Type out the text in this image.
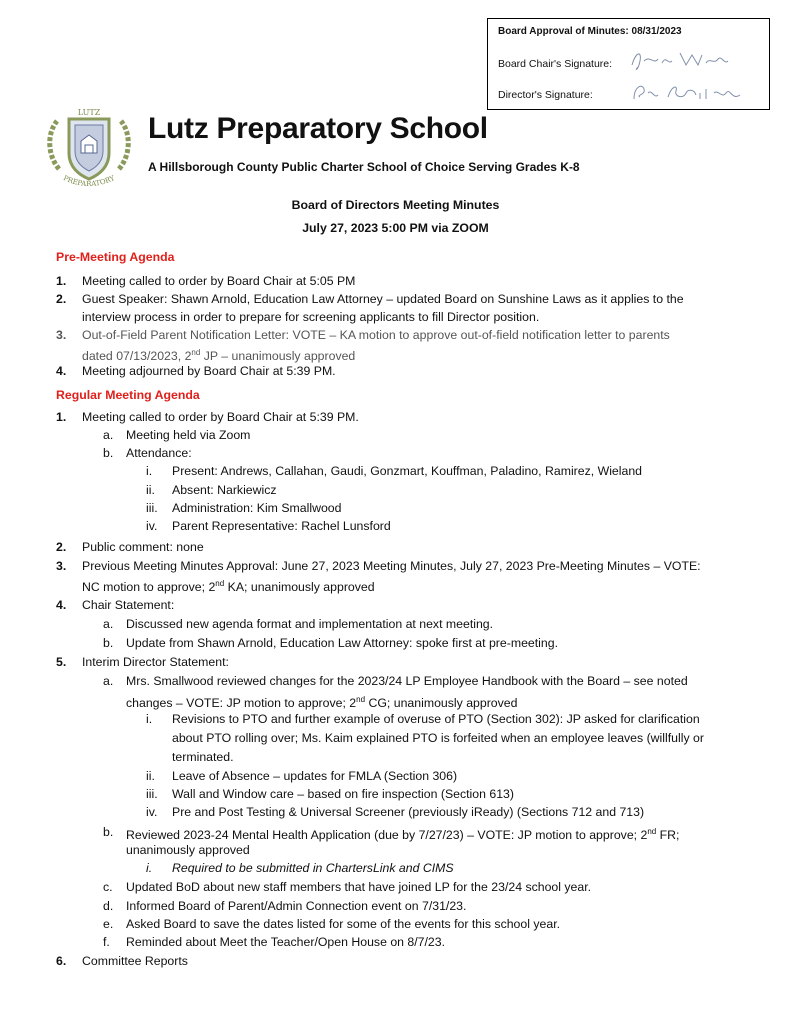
Board Approval of Minutes: 08/31/2023
Board Chair's Signature:
Director's Signature:
LUTZ
PREPARATORY
Lutz Preparatory School
A Hillsborough County Public Charter School of Choice Serving Grades K-8
Board of Directors Meeting Minutes
July 27, 2023 5:00 PM via ZOOM
Pre-Meeting Agenda
1. Meeting called to order by Board Chair at 5:05 PM
2. Guest Speaker: Shawn Arnold, Education Law Attorney – updated Board on Sunshine Laws as it applies to the
interview process in order to prepare for screening applicants to fill Director position.
3. Out-of-Field Parent Notification Letter: VOTE – KA motion to approve out-of-field notification letter to parents
dated 07/13/2023, 2nd JP – unanimously approved
4. Meeting adjourned by Board Chair at 5:39 PM.
Regular Meeting Agenda
1. Meeting called to order by Board Chair at 5:39 PM.
a. Meeting held via Zoom
b. Attendance:
i. Present: Andrews, Callahan, Gaudi, Gonzmart, Kouffman, Paladino, Ramirez, Wieland
ii. Absent: Narkiewicz
iii. Administration: Kim Smallwood
iv. Parent Representative: Rachel Lunsford
2. Public comment: none
3. Previous Meeting Minutes Approval: June 27, 2023 Meeting Minutes, July 27, 2023 Pre-Meeting Minutes – VOTE:
NC motion to approve; 2nd KA; unanimously approved
4. Chair Statement:
a. Discussed new agenda format and implementation at next meeting.
b. Update from Shawn Arnold, Education Law Attorney: spoke first at pre-meeting.
5. Interim Director Statement:
a. Mrs. Smallwood reviewed changes for the 2023/24 LP Employee Handbook with the Board – see noted
changes – VOTE: JP motion to approve; 2nd CG; unanimously approved
i. Revisions to PTO and further example of overuse of PTO (Section 302): JP asked for clarification
about PTO rolling over; Ms. Kaim explained PTO is forfeited when an employee leaves (willfully or
terminated.
ii. Leave of Absence – updates for FMLA (Section 306)
iii. Wall and Window care – based on fire inspection (Section 613)
iv. Pre and Post Testing & Universal Screener (previously iReady) (Sections 712 and 713)
b. Reviewed 2023-24 Mental Health Application (due by 7/27/23) – VOTE: JP motion to approve; 2nd FR;
unanimously approved
i. Required to be submitted in ChartersLink and CIMS
c. Updated BoD about new staff members that have joined LP for the 23/24 school year.
d. Informed Board of Parent/Admin Connection event on 7/31/23.
e. Asked Board to save the dates listed for some of the events for this school year.
f. Reminded about Meet the Teacher/Open House on 8/7/23.
6. Committee Reports
